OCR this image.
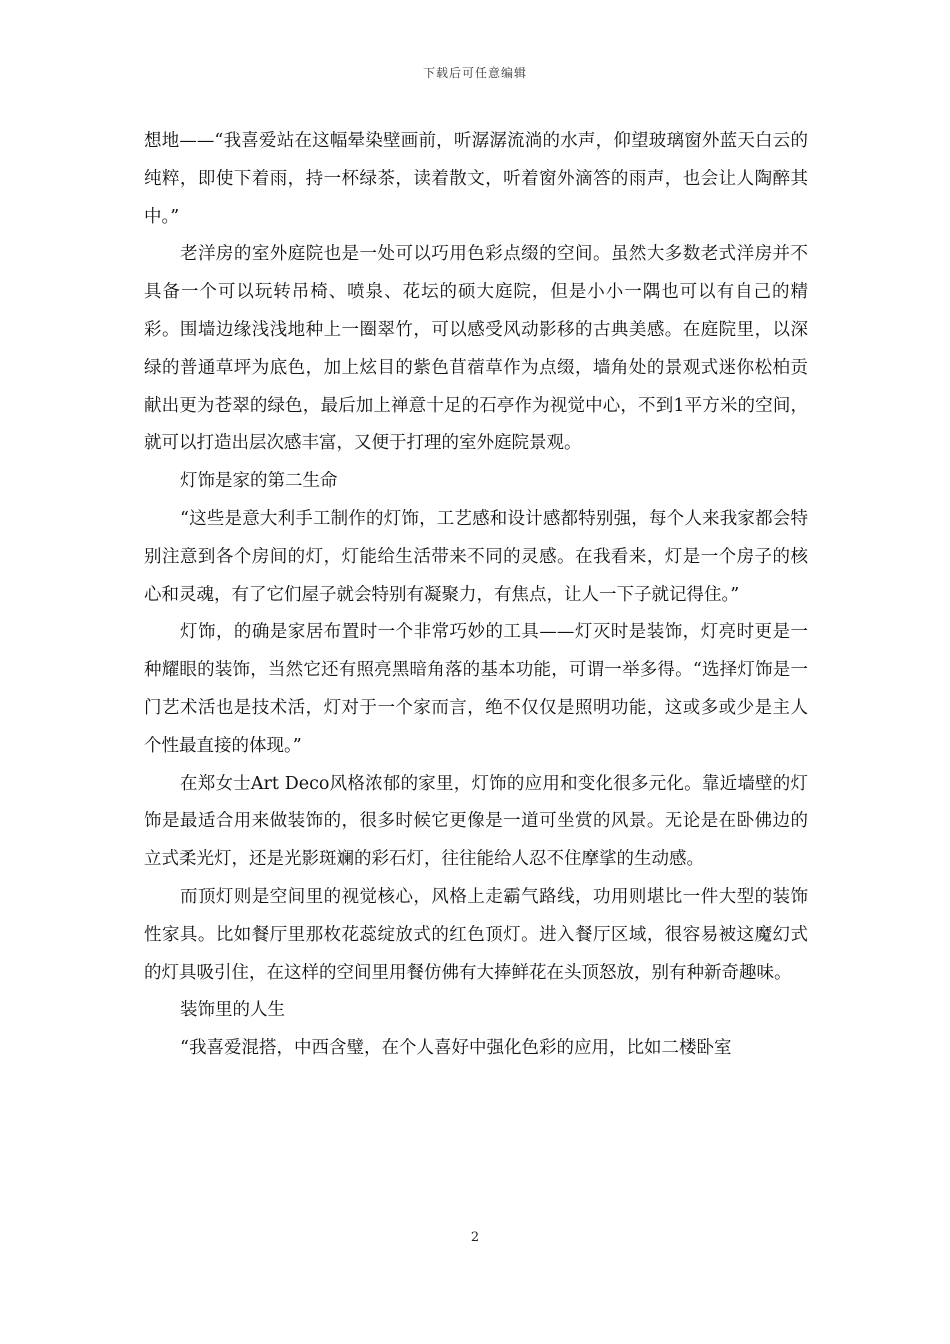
下载后可任意编辑

想地——“我喜爱站在这幅晕染壁画前，听潺潺流淌的水声，仰望玻璃窗外蓝天白云的纯粹，即使下着雨，持一杯绿茶，读着散文，听着窗外滴答的雨声，也会让人陶醉其中。”

老洋房的室外庭院也是一处可以巧用色彩点缀的空间。虽然大多数老式洋房并不具备一个可以玩转吊椅、喷泉、花坛的硕大庭院，但是小小一隅也可以有自己的精彩。围墙边缘浅浅地种上一圈翠竹，可以感受风动影移的古典美感。在庭院里，以深绿的普通草坪为底色，加上炫目的紫色苜蓿草作为点缀，墙角处的景观式迷你松柏贡献出更为苍翠的绿色，最后加上禅意十足的石亭作为视觉中心，不到1平方米的空间，就可以打造出层次感丰富，又便于打理的室外庭院景观。

灯饰是家的第二生命

“这些是意大利手工制作的灯饰，工艺感和设计感都特别强，每个人来我家都会特别注意到各个房间的灯，灯能给生活带来不同的灵感。在我看来，灯是一个房子的核心和灵魂，有了它们屋子就会特别有凝聚力，有焦点，让人一下子就记得住。”

灯饰，的确是家居布置时一个非常巧妙的工具——灯灭时是装饰，灯亮时更是一种耀眼的装饰，当然它还有照亮黑暗角落的基本功能，可谓一举多得。“选择灯饰是一门艺术活也是技术活，灯对于一个家而言，绝不仅仅是照明功能，这或多或少是主人个性最直接的体现。”

在郑女士Art Deco风格浓郁的家里，灯饰的应用和变化很多元化。靠近墙壁的灯饰是最适合用来做装饰的，很多时候它更像是一道可坐赏的风景。无论是在卧佛边的立式柔光灯，还是光影斑斓的彩石灯，往往能给人忍不住摩挲的生动感。

而顶灯则是空间里的视觉核心，风格上走霸气路线，功用则堪比一件大型的装饰性家具。比如餐厅里那枚花蕊绽放式的红色顶灯。进入餐厅区域，很容易被这魔幻式的灯具吸引住，在这样的空间里用餐仿佛有大捧鲜花在头顶怒放，别有种新奇趣味。

装饰里的人生

“我喜爱混搭，中西含璧，在个人喜好中强化色彩的应用，比如二楼卧室

2
